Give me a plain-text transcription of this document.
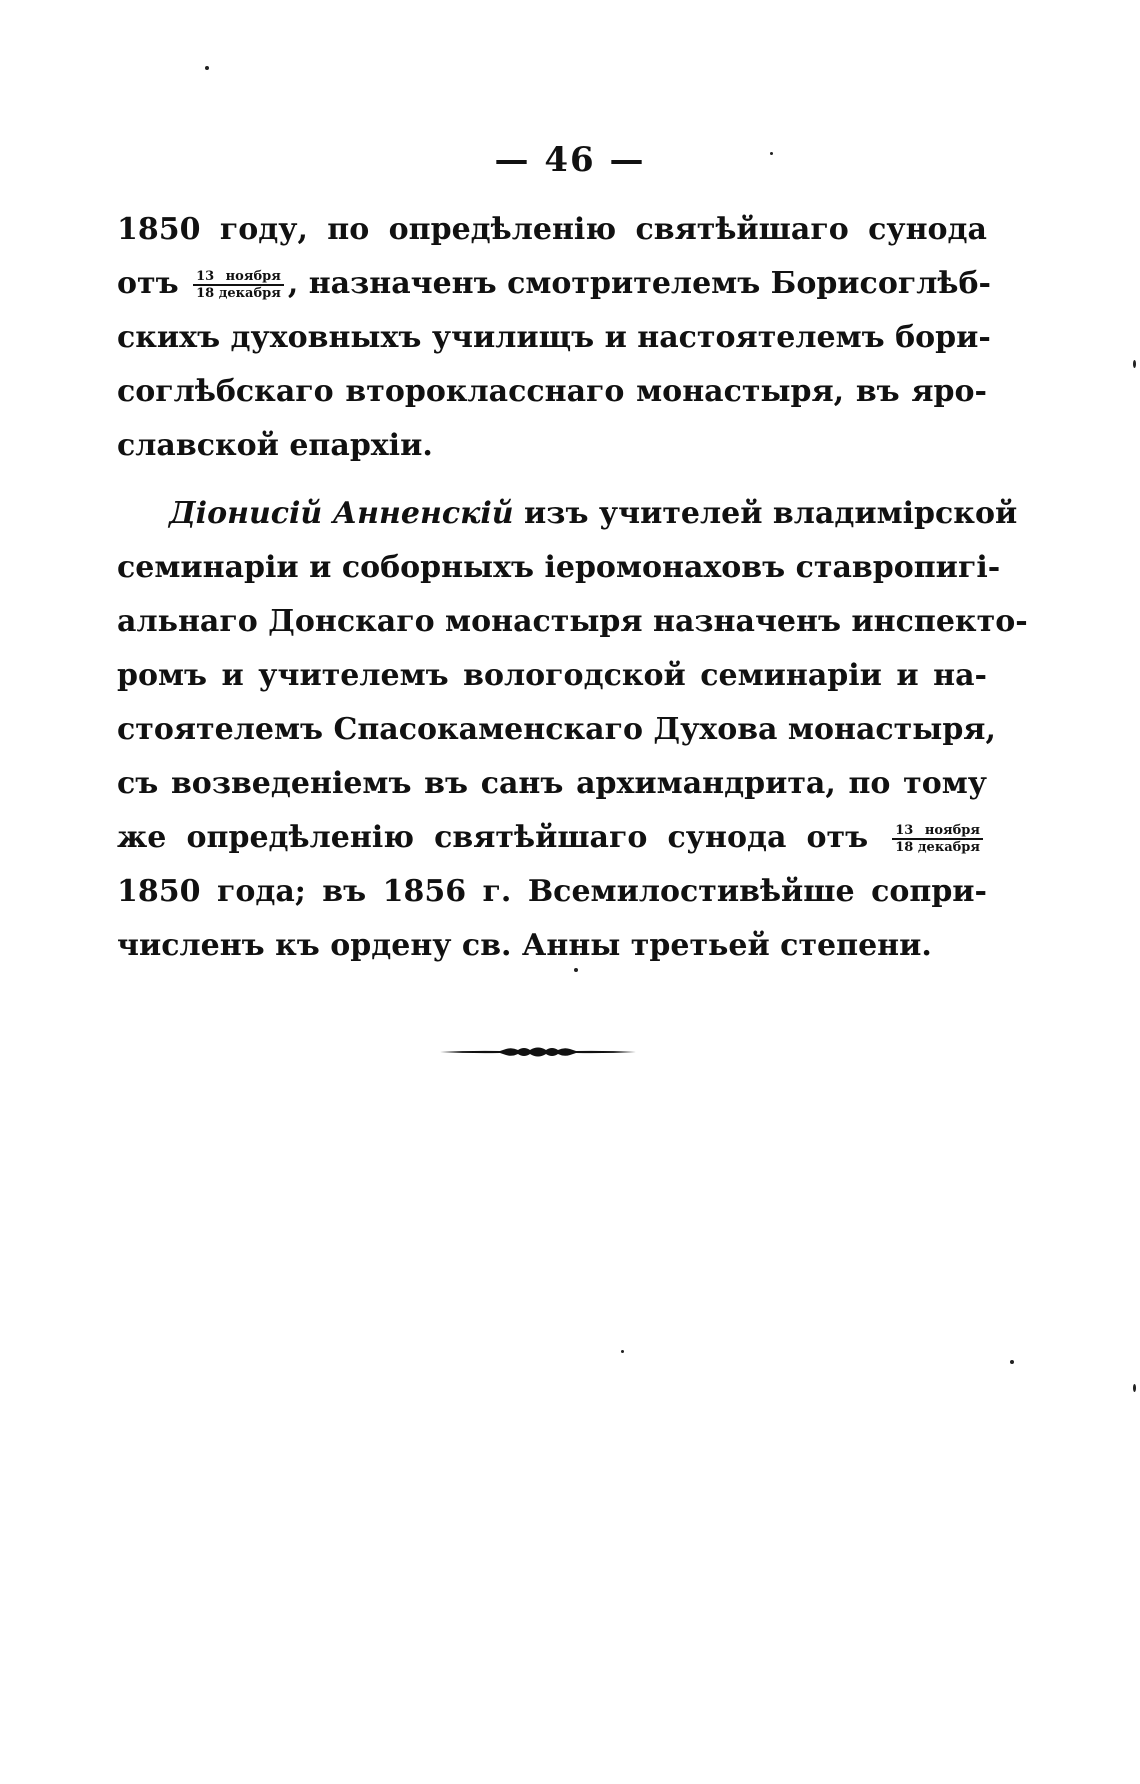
— 46 —
1850 году, по опредѣленію святѣйшаго сунода
отъ $\frac{\text{13 ноября}}{\text{18 декабря}}$ , назначенъ смотрителемъ Борисоглѣб-
скихъ духовныхъ училищъ и настоятелемъ бори-
соглѣбскаго второкласснаго монастыря, въ яро-
славской епархіи.
Діонисій Анненскій изъ учителей владимірской
семинаріи и соборныхъ іеромонаховъ ставропигі-
альнаго Донскаго монастыря назначенъ инспекто-
ромъ и учителемъ вологодской семинаріи и на-
стоятелемъ Спасокаменскаго Духова монастыря,
съ возведеніемъ въ санъ архимандрита, по тому
же опредѣленію святѣйшаго сунода отъ $\frac{\text{13 ноября}}{\text{18 декабря}}$
1850 года; въ 1856 г. Всемилостивѣйше сопри-
численъ къ ордену св. Анны третьей степени.
